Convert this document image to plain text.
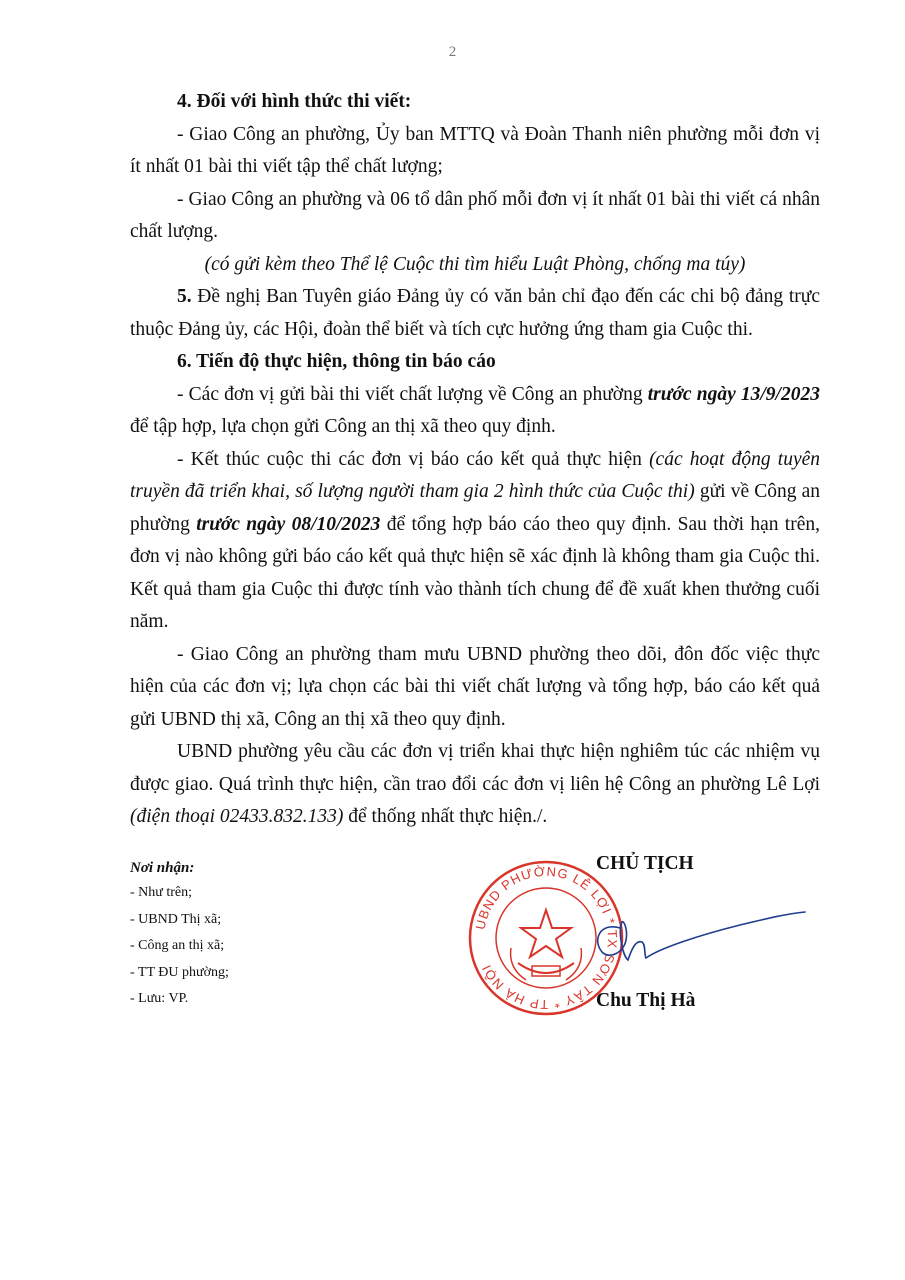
2

4. Đối với hình thức thi viết:

- Giao Công an phường, Ủy ban MTTQ và Đoàn Thanh niên phường mỗi đơn vị ít nhất 01 bài thi viết tập thể chất lượng;

- Giao Công an phường và 06 tổ dân phố mỗi đơn vị ít nhất 01 bài thi viết cá nhân chất lượng.

(có gửi kèm theo Thể lệ Cuộc thi tìm hiểu Luật Phòng, chống ma túy)

5. Đề nghị Ban Tuyên giáo Đảng ủy có văn bản chỉ đạo đến các chi bộ đảng trực thuộc Đảng ủy, các Hội, đoàn thể biết và tích cực hưởng ứng tham gia Cuộc thi.

6. Tiến độ thực hiện, thông tin báo cáo

- Các đơn vị gửi bài thi viết chất lượng về Công an phường trước ngày 13/9/2023 để tập hợp, lựa chọn gửi Công an thị xã theo quy định.

- Kết thúc cuộc thi các đơn vị báo cáo kết quả thực hiện (các hoạt động tuyên truyền đã triển khai, số lượng người tham gia 2 hình thức của Cuộc thi) gửi về Công an phường trước ngày 08/10/2023 để tổng hợp báo cáo theo quy định. Sau thời hạn trên, đơn vị nào không gửi báo cáo kết quả thực hiện sẽ xác định là không tham gia Cuộc thi. Kết quả tham gia Cuộc thi được tính vào thành tích chung để đề xuất khen thưởng cuối năm.

- Giao Công an phường tham mưu UBND phường theo dõi, đôn đốc việc thực hiện của các đơn vị; lựa chọn các bài thi viết chất lượng và tổng hợp, báo cáo kết quả gửi UBND thị xã, Công an thị xã theo quy định.

UBND phường yêu cầu các đơn vị triển khai thực hiện nghiêm túc các nhiệm vụ được giao. Quá trình thực hiện, cần trao đổi các đơn vị liên hệ Công an phường Lê Lợi (điện thoại 02433.832.133) để thống nhất thực hiện./.

Nơi nhận:
- Như trên;
- UBND Thị xã;
- Công an thị xã;
- TT ĐU phường;
- Lưu: VP.
UBND PHƯỜNG LÊ LỢI * TX SƠN TÂY * TP HÀ NỘI
CHỦ TỊCH
Chu Thị Hà
